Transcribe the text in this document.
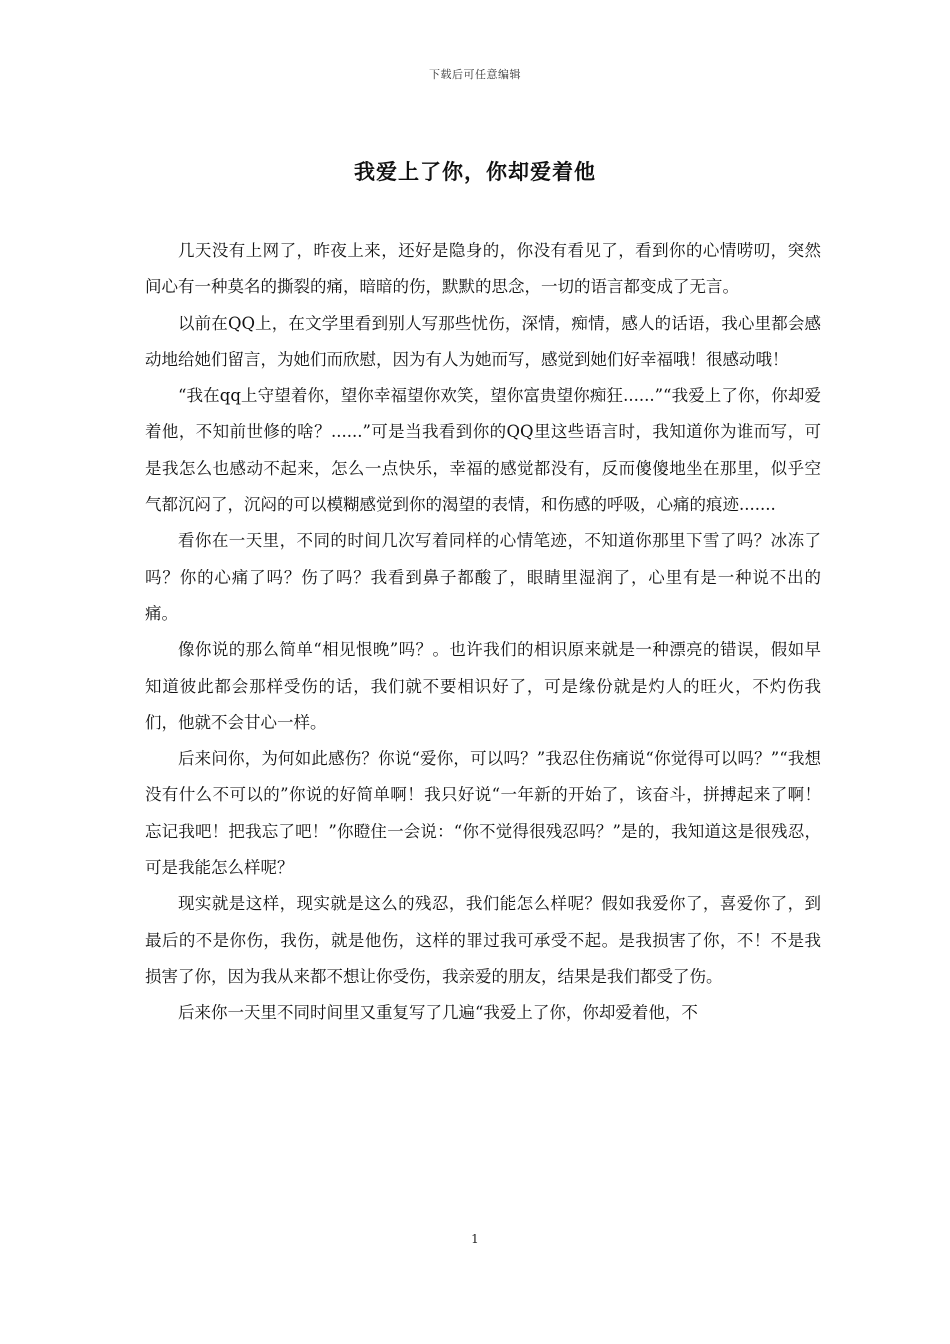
下载后可任意编辑
我爱上了你，你却爱着他

几天没有上网了，昨夜上来，还好是隐身的，你没有看见了，看到你的心情唠叨，突然间心有一种莫名的撕裂的痛，暗暗的伤，默默的思念，一切的语言都变成了无言。

以前在QQ上，在文学里看到别人写那些忧伤，深情，痴情，感人的话语，我心里都会感动地给她们留言，为她们而欣慰，因为有人为她而写，感觉到她们好幸福哦！很感动哦！

“我在qq上守望着你，望你幸福望你欢笑，望你富贵望你痴狂......”“我爱上了你，你却爱着他，不知前世修的啥？......”可是当我看到你的QQ里这些语言时，我知道你为谁而写，可是我怎么也感动不起来，怎么一点快乐，幸福的感觉都没有，反而傻傻地坐在那里，似乎空气都沉闷了，沉闷的可以模糊感觉到你的渴望的表情，和伤感的呼吸，心痛的痕迹.......

看你在一天里，不同的时间几次写着同样的心情笔迹，不知道你那里下雪了吗？冰冻了吗？你的心痛了吗？伤了吗？我看到鼻子都酸了，眼睛里湿润了，心里有是一种说不出的痛。

像你说的那么简单“相见恨晚”吗？。也许我们的相识原来就是一种漂亮的错误，假如早知道彼此都会那样受伤的话，我们就不要相识好了，可是缘份就是灼人的旺火，不灼伤我们，他就不会甘心一样。

后来问你，为何如此感伤？你说“爱你，可以吗？”我忍住伤痛说“你觉得可以吗？”“我想没有什么不可以的”你说的好简单啊！我只好说“一年新的开始了，该奋斗，拼搏起来了啊！忘记我吧！把我忘了吧！”你瞪住一会说：“你不觉得很残忍吗？”是的，我知道这是很残忍，可是我能怎么样呢？

现实就是这样，现实就是这么的残忍，我们能怎么样呢？假如我爱你了，喜爱你了，到最后的不是你伤，我伤，就是他伤，这样的罪过我可承受不起。是我损害了你，不！不是我损害了你，因为我从来都不想让你受伤，我亲爱的朋友，结果是我们都受了伤。

后来你一天里不同时间里又重复写了几遍“我爱上了你，你却爱着他，不

1
